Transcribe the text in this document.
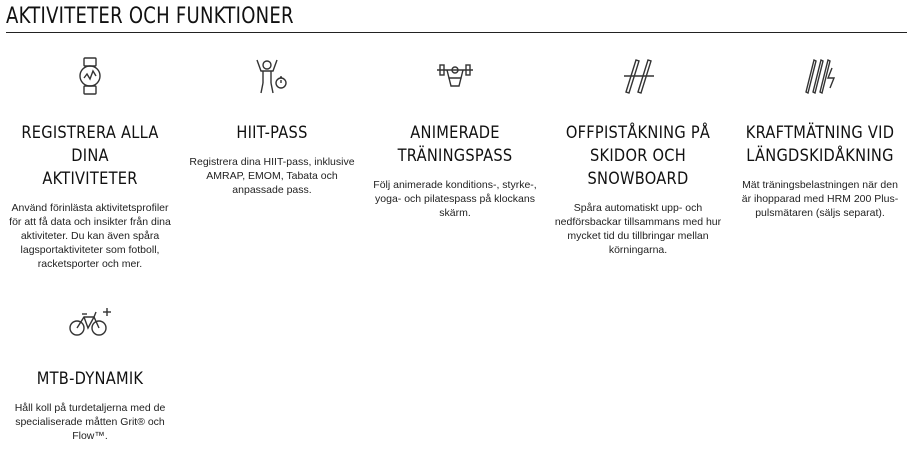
AKTIVITETER OCH FUNKTIONER
REGISTRERA ALLA DINA
AKTIVITETER
Använd förinlästa aktivitetsprofiler för att få data och insikter från dina aktiviteter. Du kan även spåra lagsportaktiviteter som fotboll, racketsporter och mer.
HIIT-PASS
Registrera dina HIIT-pass, inklusive AMRAP, EMOM, Tabata och anpassade pass.
ANIMERADE
TRÄNINGSPASS
Följ animerade konditions-, styrke-, yoga- och pilatespass på klockans skärm.
OFFPISTÅKNING PÅ
SKIDOR OCH
SNOWBOARD
Spåra automatiskt upp- och nedförsbackar tillsammans med hur mycket tid du tillbringar mellan körningarna.
KRAFTMÄTNING VID
LÄNGDSKIDÅKNING
Mät träningsbelastningen när den är ihopparad med HRM 200 Plus-pulsmätaren (säljs separat).
MTB-DYNAMIK
Håll koll på turdetaljerna med de specialiserade måtten Grit® och Flow™.
